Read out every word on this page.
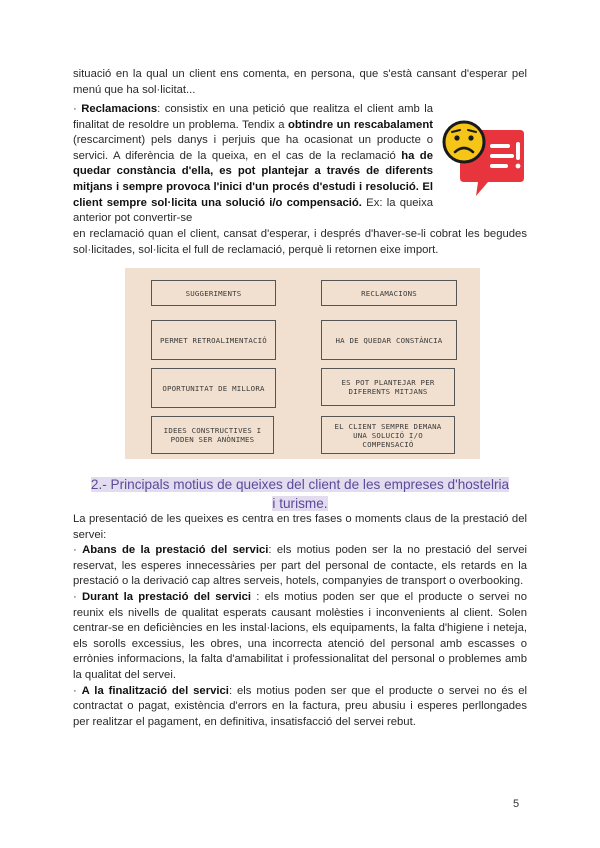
situació en la qual un client ens comenta, en persona, que s'està cansant d'esperar pel menú que ha sol·licitat...
· Reclamacions: consistix en una petició que realitza el client amb la finalitat de resoldre un problema. Tendix a obtindre un rescabalament (rescarciment) pels danys i perjuis que ha ocasionat un producte o servici. A diferència de la queixa, en el cas de la reclamació ha de quedar constància d'ella, es pot plantejar a través de diferents mitjans i sempre provoca l'inici d'un procés d'estudi i resolució. El client sempre sol·licita una solució i/o compensació. Ex: la queixa anterior pot convertir-se
en reclamació quan el client, cansat d'esperar, i després d'haver-se-li cobrat les begudes sol·licitades, sol·licita el full de reclamació, perquè li retornen eixe import.
SUGGERIMENTS
PERMET RETROALIMENTACIÓ
OPORTUNITAT DE MILLORA
IDEES CONSTRUCTIVES I PODEN SER ANÒNIMES
RECLAMACIONS
HA DE QUEDAR CONSTÀNCIA
ES POT PLANTEJAR PER DIFERENTS MITJANS
EL CLIENT SEMPRE DEMANA UNA SOLUCIÓ I/O COMPENSACIÓ
2.- Principals motius de queixes del client de les empreses d'hostelria
i turisme.
La presentació de les queixes es centra en tres fases o moments claus de la prestació del servei:
· Abans de la prestació del servici: els motius poden ser la no prestació del servei reservat, les esperes innecessàries per part del personal de contacte, els retards en la prestació o la derivació cap altres serveis, hotels, companyies de transport o overbooking.
· Durant la prestació del servici : els motius poden ser que el producte o servei no reunix els nivells de qualitat esperats causant molèsties i inconvenients al client. Solen centrar-se en deficiències en les instal·lacions, els equipaments, la falta d'higiene i neteja, els sorolls excessius, les obres, una incorrecta atenció del personal amb escasses o errònies informacions, la falta d'amabilitat i professionalitat del personal o problemes amb la qualitat del servei.
· A la finalització del servici: els motius poden ser que el producte o servei no és el contractat o pagat, existència d'errors en la factura, preu abusiu i esperes perllongades per realitzar el pagament, en definitiva, insatisfacció del servei rebut.
5
